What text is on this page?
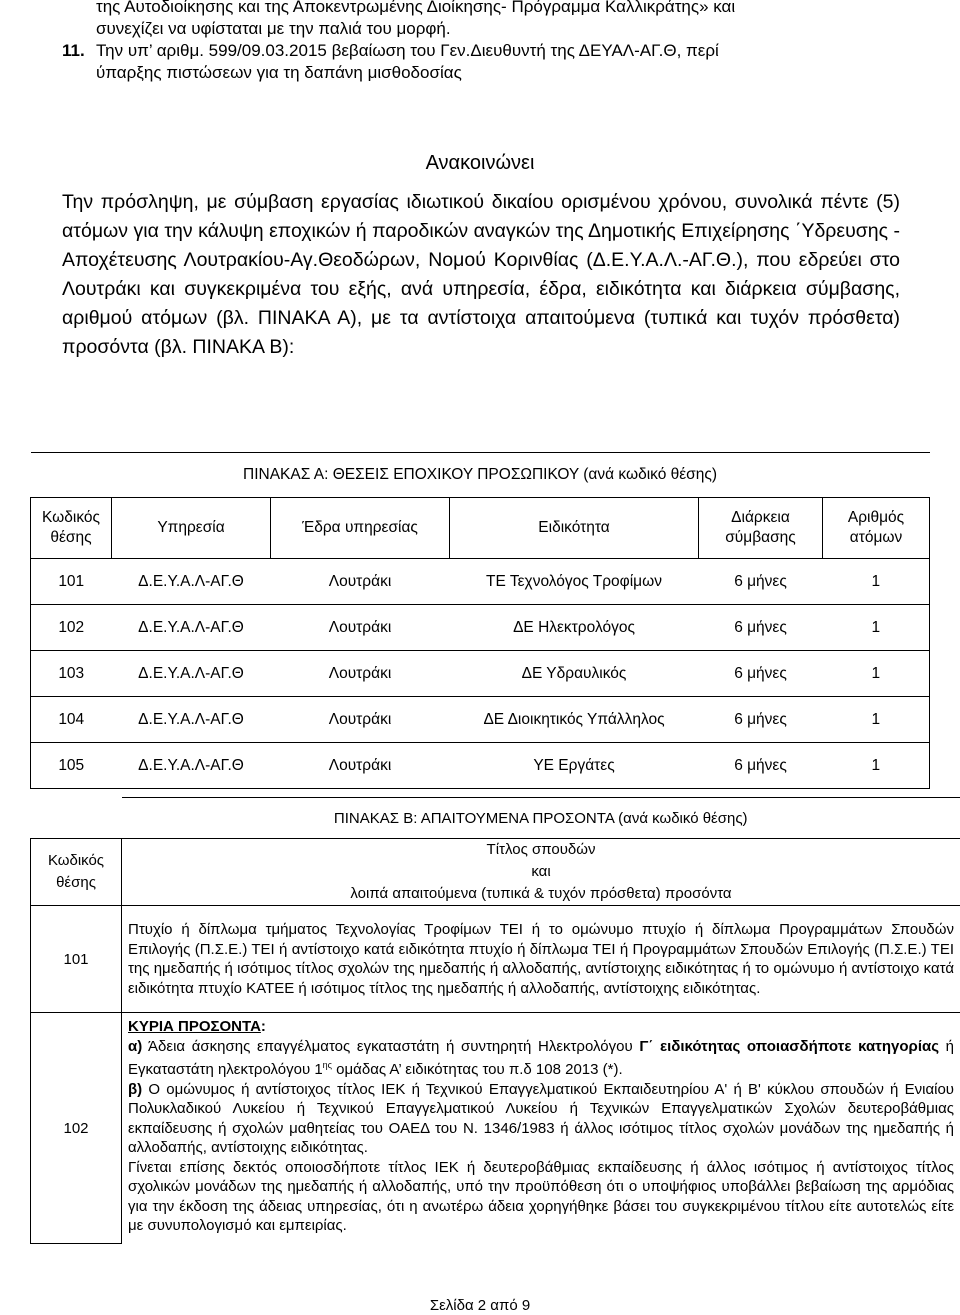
της Αυτοδιοίκησης και της Αποκεντρωμένης Διοίκησης- Πρόγραμμα Καλλικράτης» και

συνεχίζει να υφίσταται με την παλιά του μορφή.

11. Την υπ’ αριθμ. 599/09.03.2015 βεβαίωση του Γεν.Διευθυντή της ΔΕΥΑΛ-ΑΓ.Θ, περί

ύπαρξης πιστώσεων για τη δαπάνη μισθοδοσίας

Ανακοινώνει
Την πρόσληψη, με σύμβαση εργασίας ιδιωτικού δικαίου ορισμένου χρόνου, συνολικά πέντε (5) ατόμων για την κάλυψη εποχικών ή παροδικών αναγκών της Δημοτικής Επιχείρησης ΄Υδρευσης - Αποχέτευσης Λουτρακίου-Αγ.Θεοδώρων, Νομού Κορινθίας (Δ.Ε.Υ.Α.Λ.-ΑΓ.Θ.), που εδρεύει στο Λουτράκι και συγκεκριμένα του εξής, ανά υπηρεσία, έδρα, ειδικότητα και διάρκεια σύμβασης, αριθμού ατόμων (βλ. ΠΙΝΑΚΑ Α), με τα αντίστοιχα απαιτούμενα (τυπικά και τυχόν πρόσθετα) προσόντα (βλ. ΠΙΝΑΚΑ Β):
ΠΙΝΑΚΑΣ Α: ΘΕΣΕΙΣ ΕΠΟΧΙΚΟΥ ΠΡΟΣΩΠΙΚΟΥ (ανά κωδικό θέσης)					
Κωδικός
θέσης	Υπηρεσία	Έδρα υπηρεσίας	Ειδικότητα	Διάρκεια
σύμβασης	Αριθμός
ατόμων
101	Δ.Ε.Υ.Α.Λ-ΑΓ.Θ	Λουτράκι	ΤΕ Τεχνολόγος Τροφίμων	6 μήνες	1
102	Δ.Ε.Υ.Α.Λ-ΑΓ.Θ	Λουτράκι	ΔΕ Ηλεκτρολόγος	6 μήνες	1
103	Δ.Ε.Υ.Α.Λ-ΑΓ.Θ	Λουτράκι	ΔΕ Υδραυλικός	6 μήνες	1
104	Δ.Ε.Υ.Α.Λ-ΑΓ.Θ	Λουτράκι	ΔΕ Διοικητικός Υπάλληλος	6 μήνες	1
105	Δ.Ε.Υ.Α.Λ-ΑΓ.Θ	Λουτράκι	ΥΕ Εργάτες	6 μήνες	1
	ΠΙΝΑΚΑΣ Β: ΑΠΑΙΤΟΥΜΕΝΑ ΠΡΟΣΟΝΤΑ (ανά κωδικό θέσης)
Κωδικός
θέσης	Τίτλος σπουδών
και
λοιπά απαιτούμενα (τυπικά & τυχόν πρόσθετα) προσόντα
101	Πτυχίο ή δίπλωμα τμήματος Τεχνολογίας Τροφίμων ΤΕΙ ή το ομώνυμο πτυχίο ή δίπλωμα Προγραμμάτων Σπουδών Επιλογής (Π.Σ.Ε.) ΤΕΙ ή αντίστοιχο κατά ειδικότητα πτυχίο ή δίπλωμα ΤΕΙ ή Προγραμμάτων Σπουδών Επιλογής (Π.Σ.Ε.) ΤΕΙ της ημεδαπής ή ισότιμος τίτλος σχολών της ημεδαπής ή αλλοδαπής, αντίστοιχης ειδικότητας ή το ομώνυμο ή αντίστοιχο κατά ειδικότητα πτυχίο ΚΑΤΕΕ ή ισότιμος τίτλος της ημεδαπής ή αλλοδαπής, αντίστοιχης ειδικότητας.
102	ΚΥΡΙΑ ΠΡΟΣΟΝΤΑ:
α) Άδεια άσκησης επαγγέλματος εγκαταστάτη ή συντηρητή Ηλεκτρολόγου Γ΄ ειδικότητας οποιασδήποτε κατηγορίας ή Εγκαταστάτη ηλεκτρολόγου $1^{\eta\varsigma}$ ομάδας Α’ ειδικότητας του π.δ 108 2013 (*).
β) Ο ομώνυμος ή αντίστοιχος τίτλος ΙΕΚ ή Τεχνικού Επαγγελματικού Εκπαιδευτηρίου Α' ή Β' κύκλου σπουδών ή Ενιαίου Πολυκλαδικού Λυκείου ή Τεχνικού Επαγγελματικού Λυκείου ή Τεχνικών Επαγγελματικών Σχολών δευτεροβάθμιας εκπαίδευσης ή σχολών μαθητείας του ΟΑΕΔ του Ν. 1346/1983 ή άλλος ισότιμος τίτλος σχολών μονάδων της ημεδαπής ή αλλοδαπής, αντίστοιχης ειδικότητας.
Γίνεται επίσης δεκτός οποιοσδήποτε τίτλος ΙΕΚ ή δευτεροβάθμιας εκπαίδευσης ή άλλος ισότιμος ή αντίστοιχος τίτλος σχολικών μονάδων της ημεδαπής ή αλλοδαπής, υπό την προϋπόθεση ότι ο υποψήφιος υποβάλλει βεβαίωση της αρμόδιας για την έκδοση της άδειας υπηρεσίας, ότι η ανωτέρω άδεια χορηγήθηκε βάσει του συγκεκριμένου τίτλου είτε αυτοτελώς είτε με συνυπολογισμό και εμπειρίας.
Σελίδα 2 από 9
